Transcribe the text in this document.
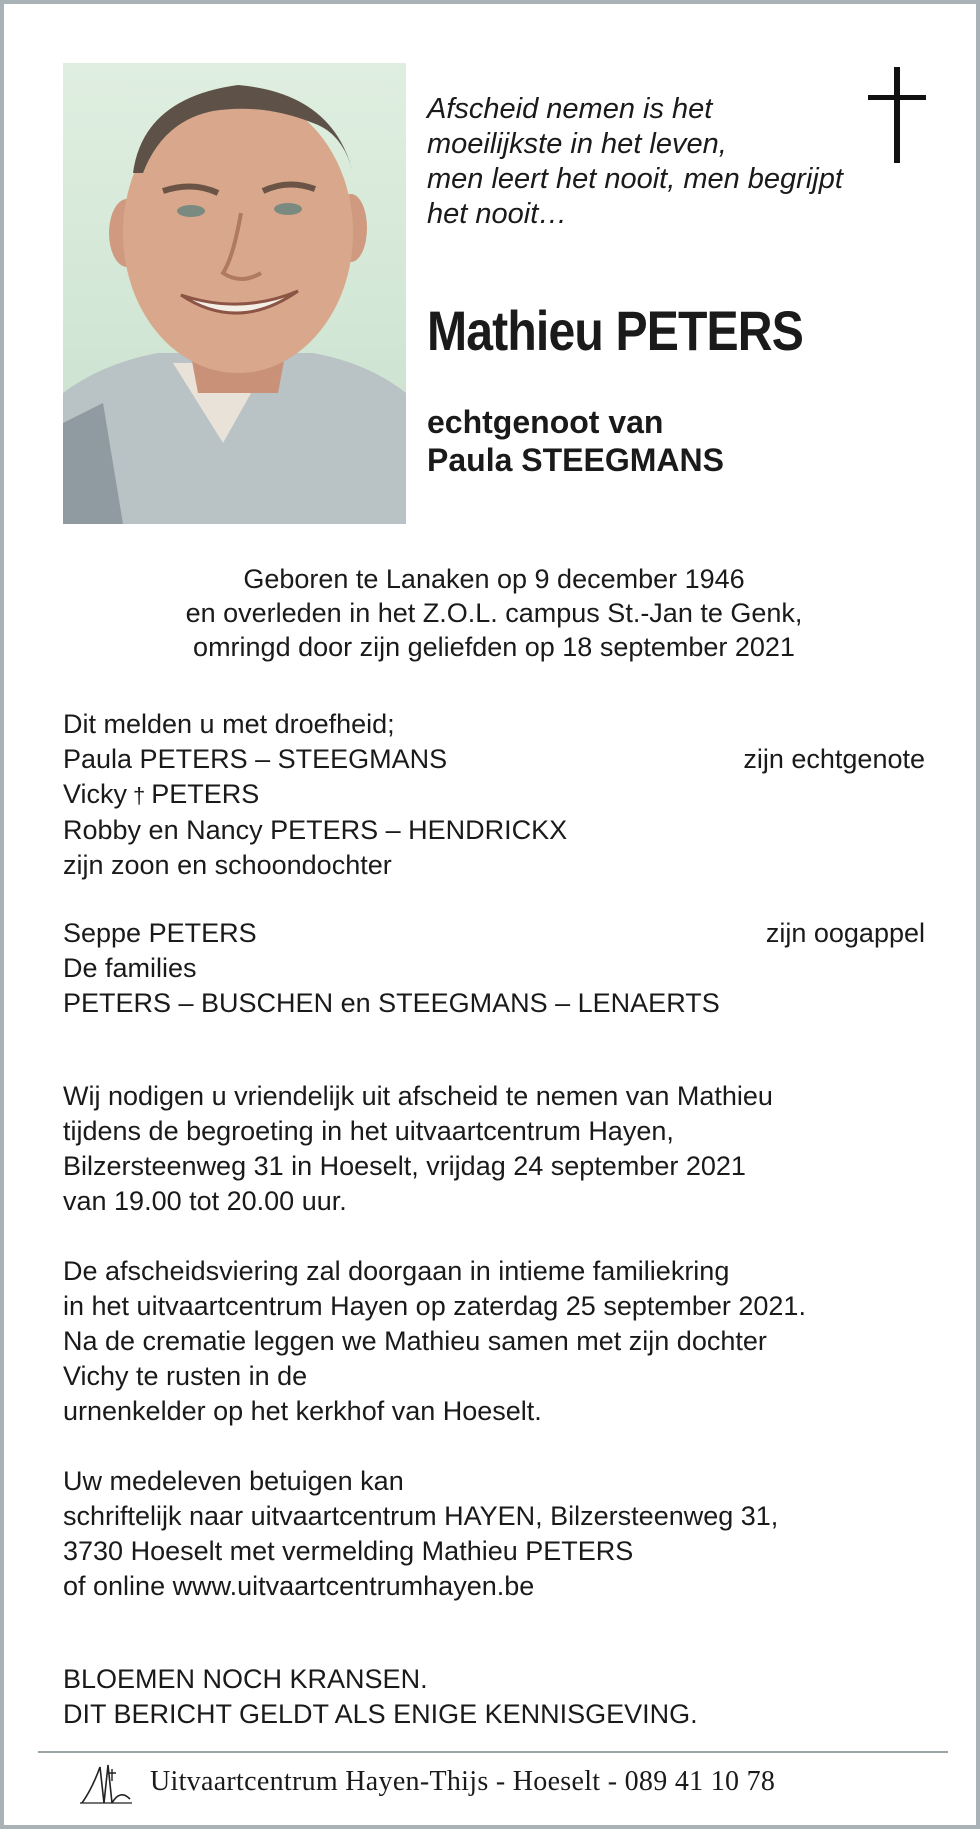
Afscheid nemen is het
moeilijkste in het leven,
men leert het nooit, men begrijpt
het nooit…
Mathieu PETERS
echtgenoot van
Paula STEEGMANS
Geboren te Lanaken op 9 december 1946
en overleden in het Z.O.L. campus St.-Jan te Genk,
omringd door zijn geliefden op 18 september 2021
Dit melden u met droefheid;
Paula PETERS – STEEGMANS	zijn echtgenote
Vicky † PETERS
Robby en Nancy PETERS – HENDRICKX
zijn zoon en schoondochter
Seppe PETERS	zijn oogappel
De families
PETERS – BUSCHEN en STEEGMANS – LENAERTS
Wij nodigen u vriendelijk uit afscheid te nemen van Mathieu
tijdens de begroeting in het uitvaartcentrum Hayen,
Bilzersteenweg 31 in Hoeselt, vrijdag 24 september 2021
van 19.00 tot 20.00 uur.
De afscheidsviering zal doorgaan in intieme familiekring
in het uitvaartcentrum Hayen op zaterdag 25 september 2021.
Na de crematie leggen we Mathieu samen met zijn dochter
Vichy te rusten in de
urnenkelder op het kerkhof van Hoeselt.
Uw medeleven betuigen kan
schriftelijk naar uitvaartcentrum HAYEN, Bilzersteenweg 31,
3730 Hoeselt met vermelding Mathieu PETERS
of online www.uitvaartcentrumhayen.be
BLOEMEN NOCH KRANSEN.
DIT BERICHT GELDT ALS ENIGE KENNISGEVING.
Uitvaartcentrum Hayen-Thijs - Hoeselt - 089 41 10 78
